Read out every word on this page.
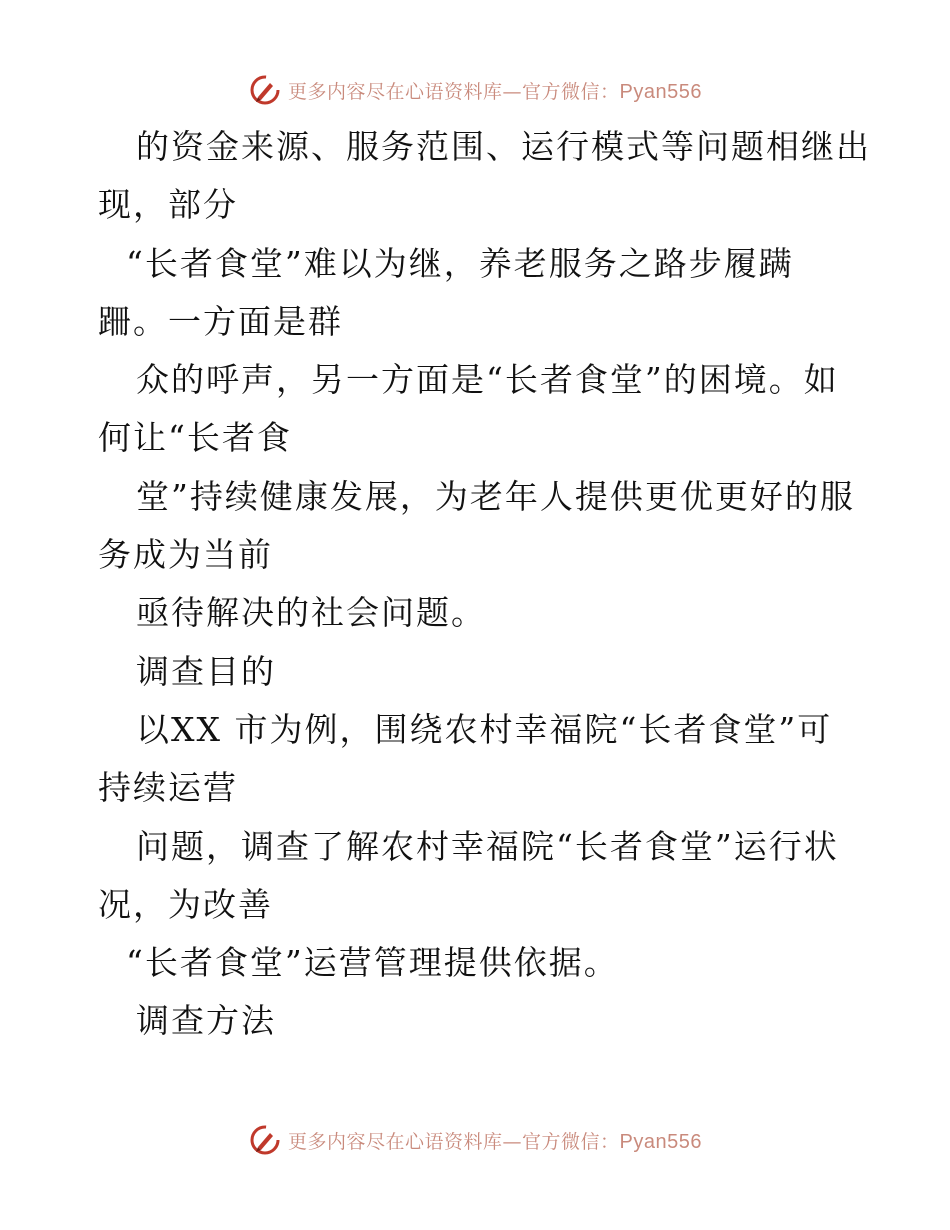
更多内容尽在心语资料库—官方微信：Pyan556
的资金来源、服务范围、运行模式等问题相继出
现，部分
“长者食堂”难以为继，养老服务之路步履蹒
跚。一方面是群
众的呼声，另一方面是“长者食堂”的困境。如
何让“长者食
堂”持续健康发展，为老年人提供更优更好的服
务成为当前
亟待解决的社会问题。
调查目的
以XX 市为例，围绕农村幸福院“长者食堂”可
持续运营
问题，调查了解农村幸福院“长者食堂”运行状
况，为改善
“长者食堂”运营管理提供依据。
调查方法
更多内容尽在心语资料库—官方微信：Pyan556
